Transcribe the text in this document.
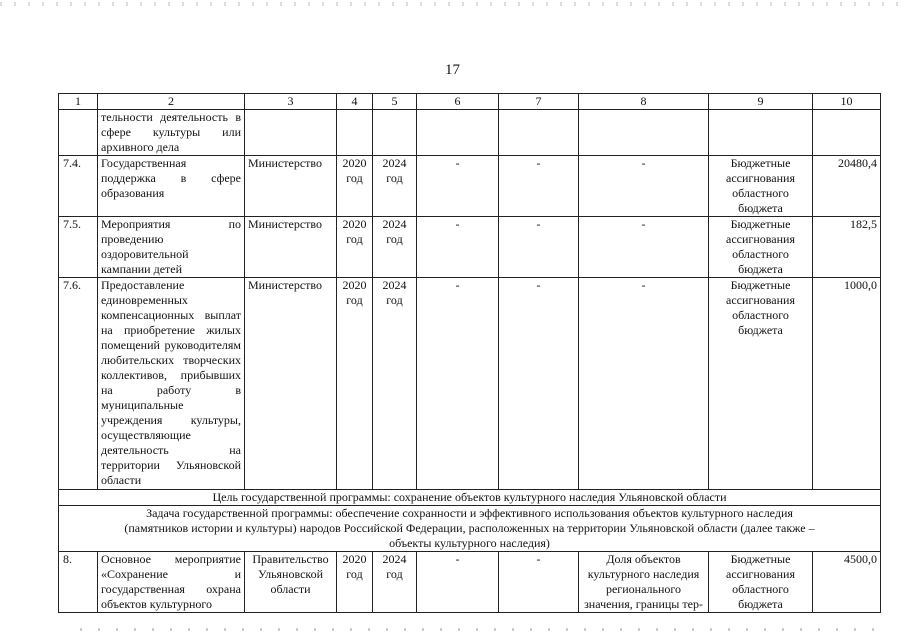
17
1	2	3	4	5	6	7	8	9	10
	тельности деятельность в сфере культуры или архивного дела								
7.4.	Государственная поддержка в сфере образования	Министерство	2020 год	2024 год	-	-	-	Бюджетные ассигнования областного бюджета	20480,4
7.5.	Мероприятия по проведению оздоровительной кампании детей	Министерство	2020 год	2024 год	-	-	-	Бюджетные ассигнования областного бюджета	182,5
7.6.	Предоставление единовременных компенсационных выплат на приобретение жилых помещений руководителям любительских творческих коллективов, прибывших на работу в муниципальные учреждения культуры, осуществляющие деятельность на территории Ульяновской области	Министерство	2020 год	2024 год	-	-	-	Бюджетные ассигнования областного бюджета	1000,0
Цель государственной программы: сохранение объектов культурного наследия Ульяновской области									
Задача государственной программы: обеспечение сохранности и эффективного использования объектов культурного наследия (памятников истории и культуры) народов Российской Федерации, расположенных на территории Ульяновской области (далее также – объекты культурного наследия)									
8.	Основное мероприятие «Сохранение и государственная охрана объектов культурного	Правительство Ульяновской области	2020 год	2024 год	-	-	Доля объектов культурного наследия регионального значения, границы тер-	Бюджетные ассигнования областного бюджета	4500,0
